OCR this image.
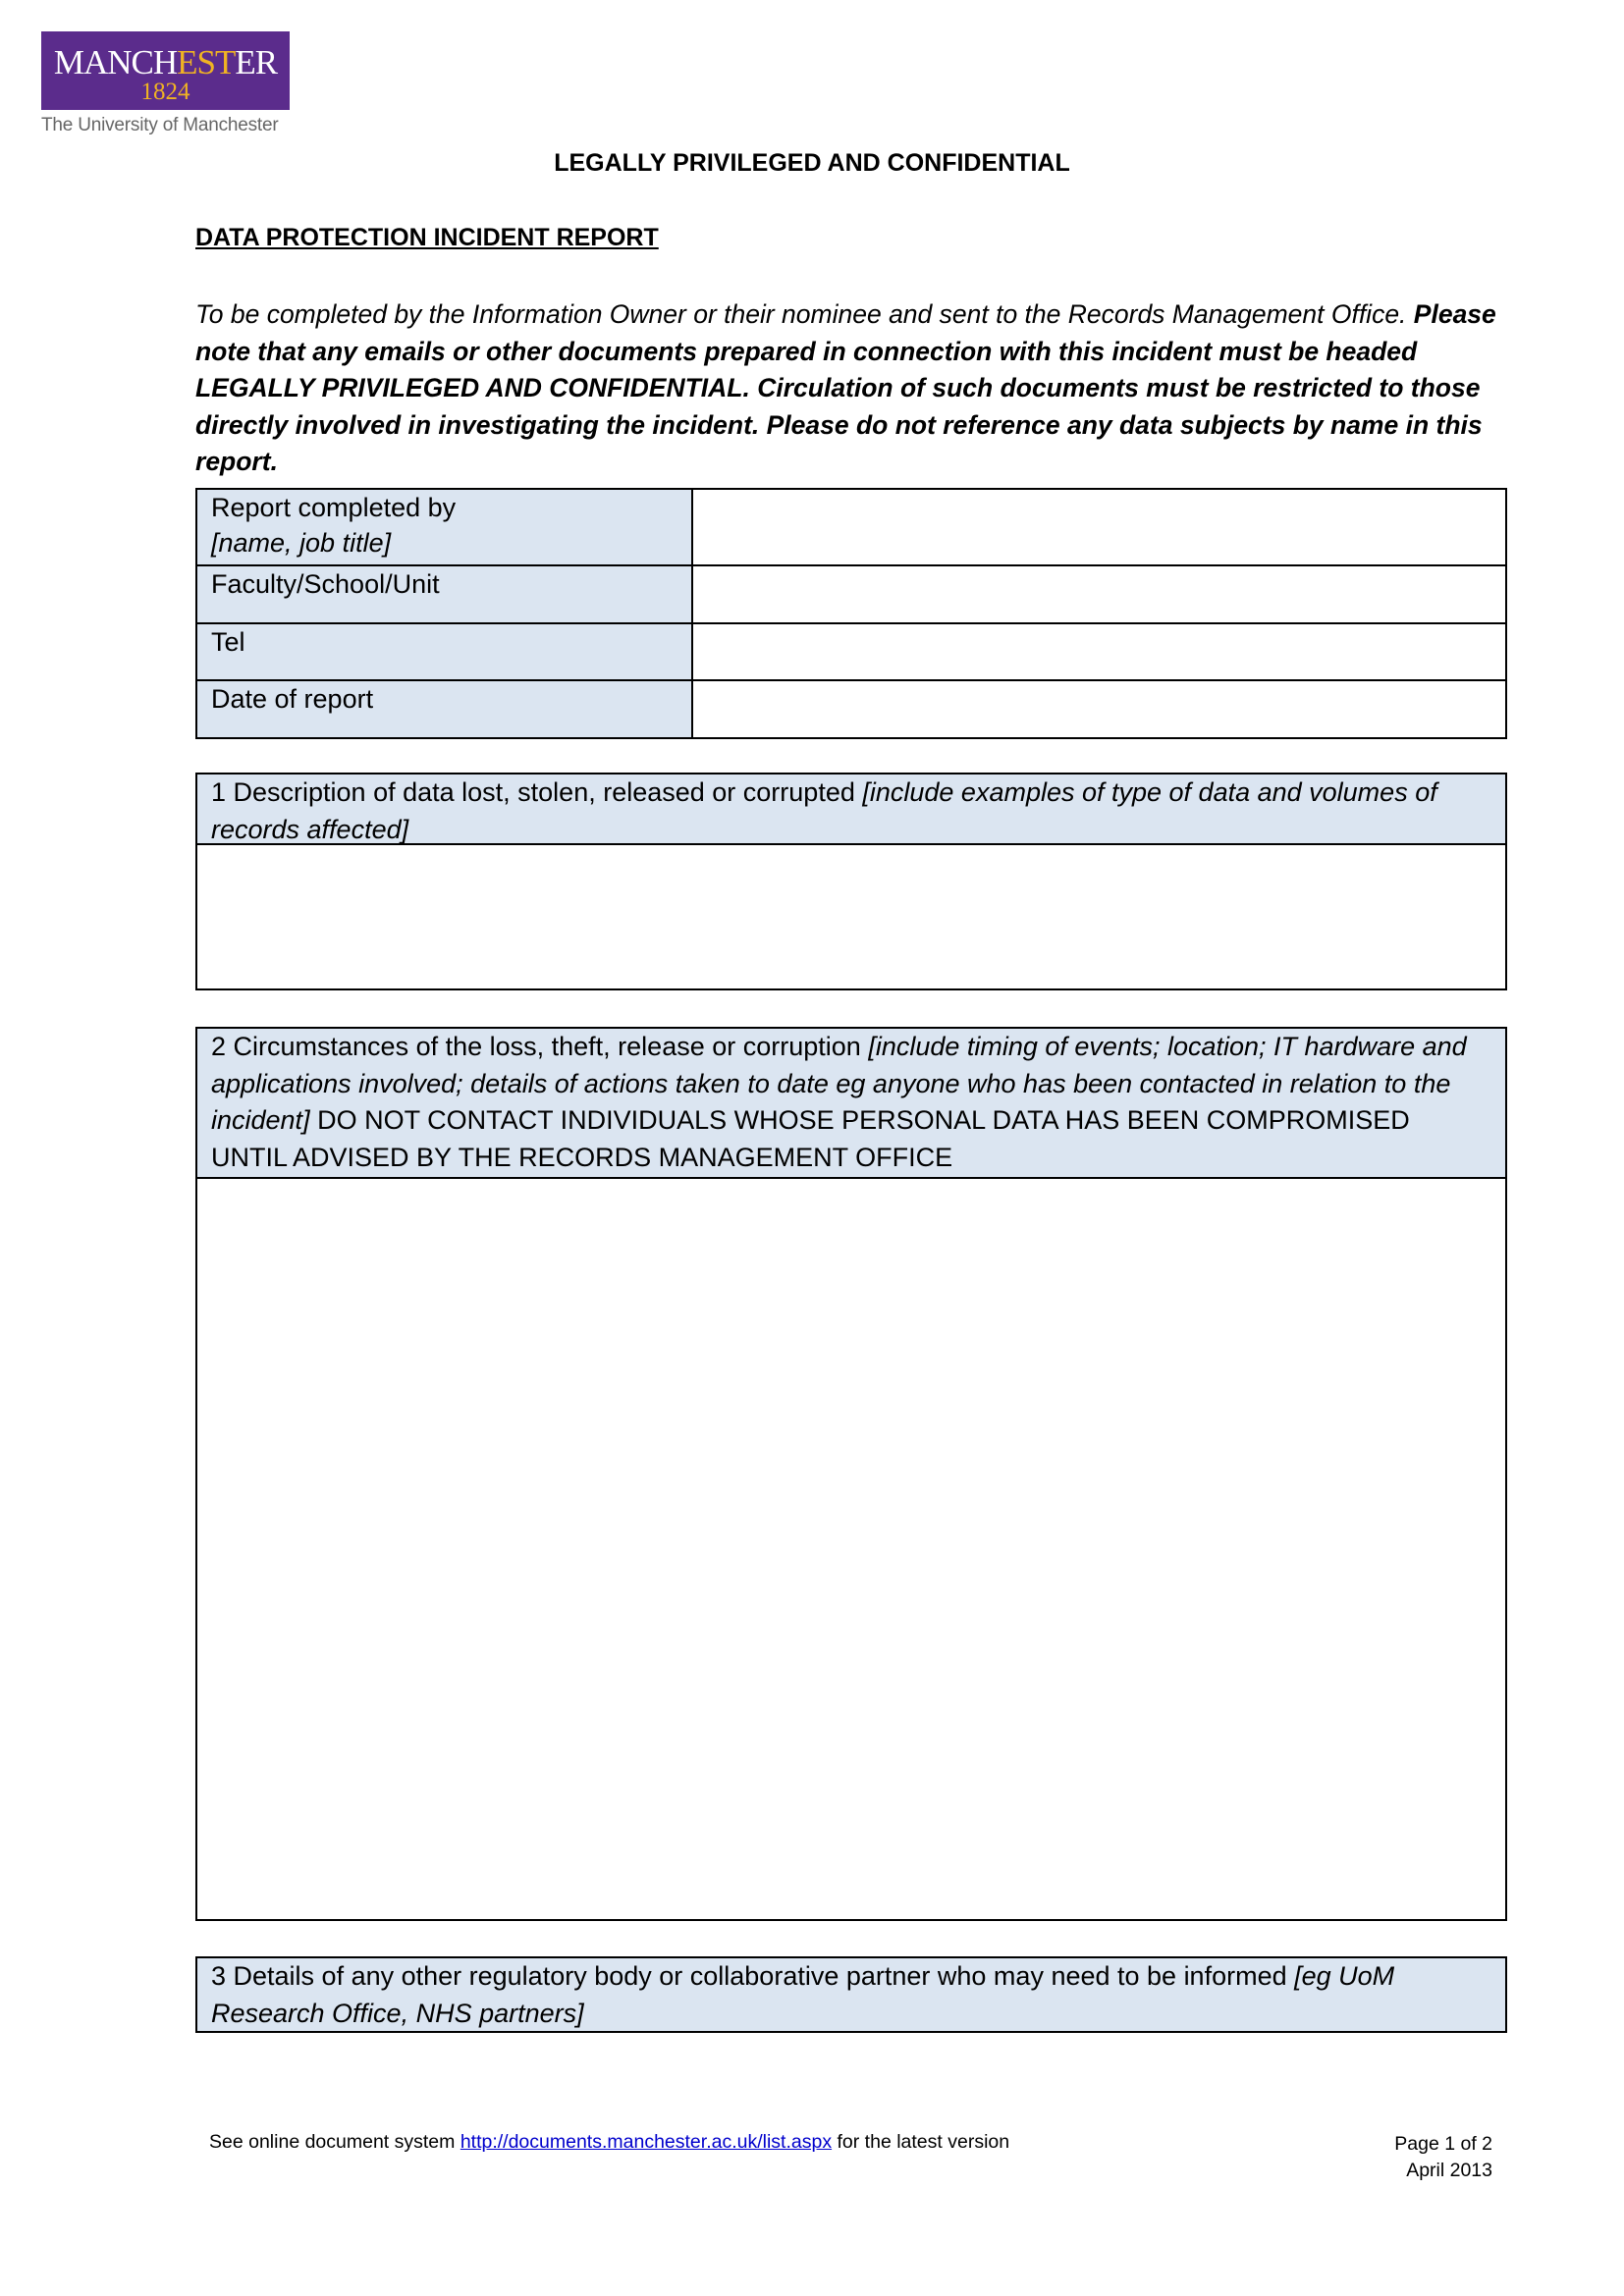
MANCHESTER
1824
The University of Manchester
LEGALLY PRIVILEGED AND CONFIDENTIAL
DATA PROTECTION INCIDENT REPORT
To be completed by the Information Owner or their nominee and sent to the Records Management Office. Please note that any emails or other documents prepared in connection with this incident must be headed LEGALLY PRIVILEGED AND CONFIDENTIAL. Circulation of such documents must be restricted to those directly involved in investigating the incident. Please do not reference any data subjects by name in this report.
Report completed by
[name, job title]	

Faculty/School/Unit	
Tel	
Date of report	
1 Description of data lost, stolen, released or corrupted [include examples of type of data and volumes of records affected]
2 Circumstances of the loss, theft, release or corruption [include timing of events; location; IT hardware and applications involved; details of actions taken to date eg anyone who has been contacted in relation to the incident] DO NOT CONTACT INDIVIDUALS WHOSE PERSONAL DATA HAS BEEN COMPROMISED UNTIL ADVISED BY THE RECORDS MANAGEMENT OFFICE
3 Details of any other regulatory body or collaborative partner who may need to be informed [eg UoM Research Office, NHS partners]
See online document system http://documents.manchester.ac.uk/list.aspx for the latest version	Page 1 of 2
April 2013
